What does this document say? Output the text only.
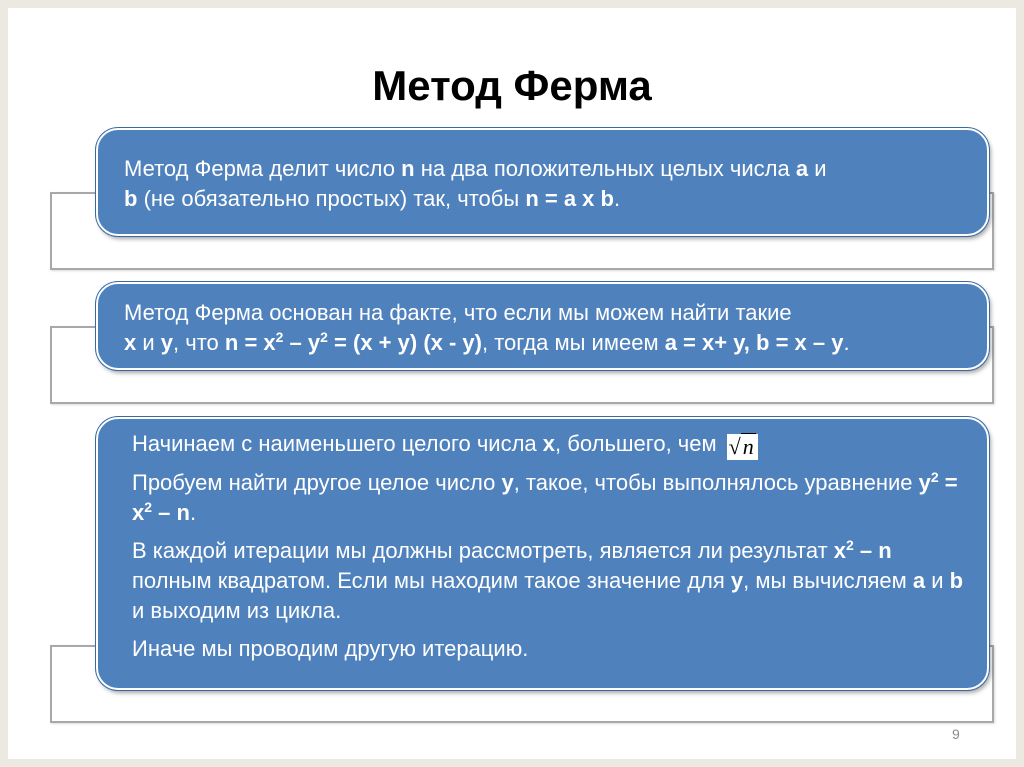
Метод Ферма

Метод Ферма делит число n на два положительных целых числа a и
b (не обязательно простых) так, чтобы n = a x b.

Метод Ферма основан на факте, что если мы можем найти такие
x и y, что $n = x^2 - y^2 = (x + y)$ (x - y), тогда мы имеем a = x+ y, b = x – y.

Начинаем с наименьшего целого числа x, большего, чем √n

Пробуем найти другое целое число y, такое, чтобы выполнялось уравнение $y^2 = x^2 - n$.

В каждой итерации мы должны рассмотреть, является ли результат $x^2$ – n полным квадратом. Если мы находим такое значение для y, мы вычисляем a и b и выходим из цикла.

Иначе мы проводим другую итерацию.

9
